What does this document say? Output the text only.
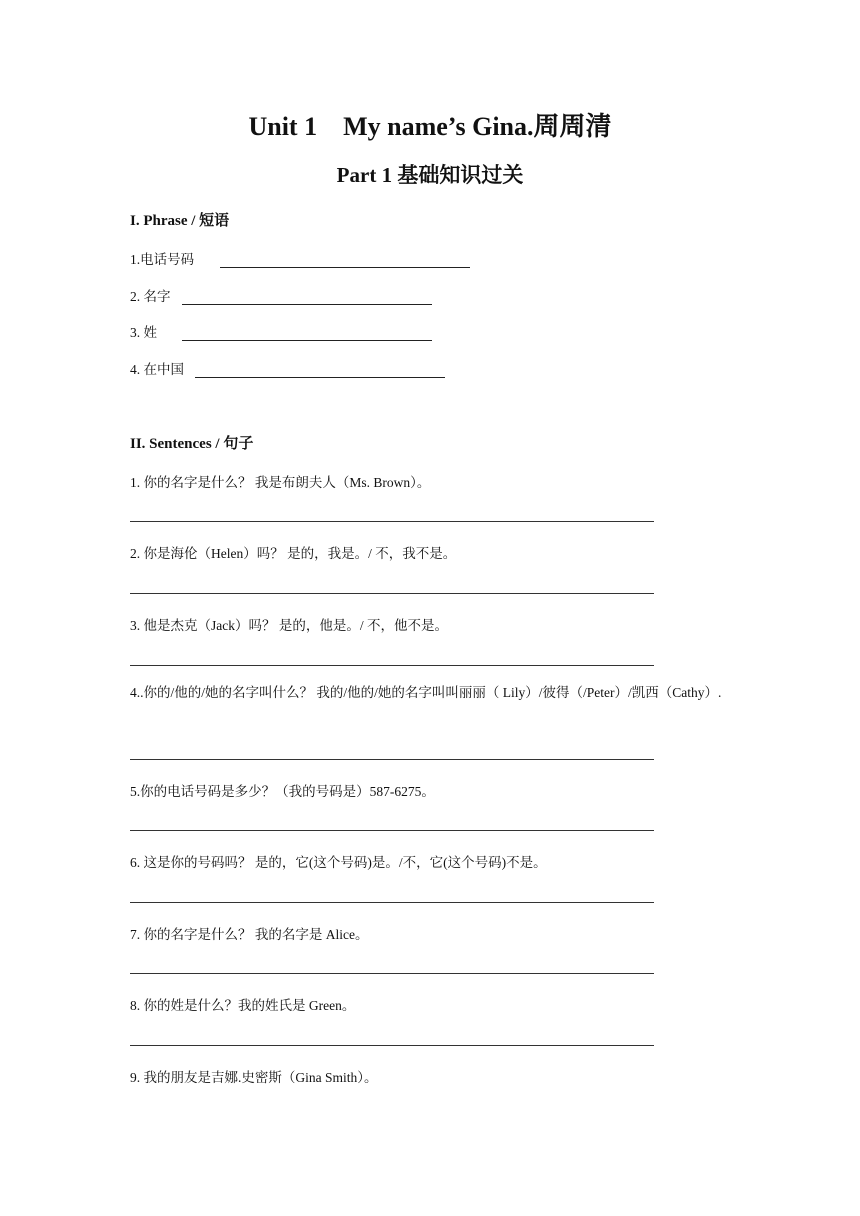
Unit 1　My name’s Gina.周周清
Part 1 基础知识过关
I. Phrase / 短语
1.电话号码
2. 名字
3. 姓
4. 在中国
II. Sentences / 句子
1. 你的名字是什么？ 我是布朗夫人（Ms. Brown）。
2. 你是海伦（Helen）吗？ 是的，我是。/ 不，我不是。
3. 他是杰克（Jack）吗？ 是的，他是。/ 不，他不是。
4..你的/他的/她的名字叫什么？ 我的/他的/她的名字叫叫丽丽（ Lily）/彼得（/Peter）/凯西（Cathy）.
5.你的电话号码是多少？（我的号码是）587-6275。
6. 这是你的号码吗？ 是的，它(这个号码)是。/不，它(这个号码)不是。
7. 你的名字是什么？ 我的名字是 Alice。
8. 你的姓是什么？我的姓氏是 Green。
9. 我的朋友是吉娜.史密斯（Gina Smith）。
